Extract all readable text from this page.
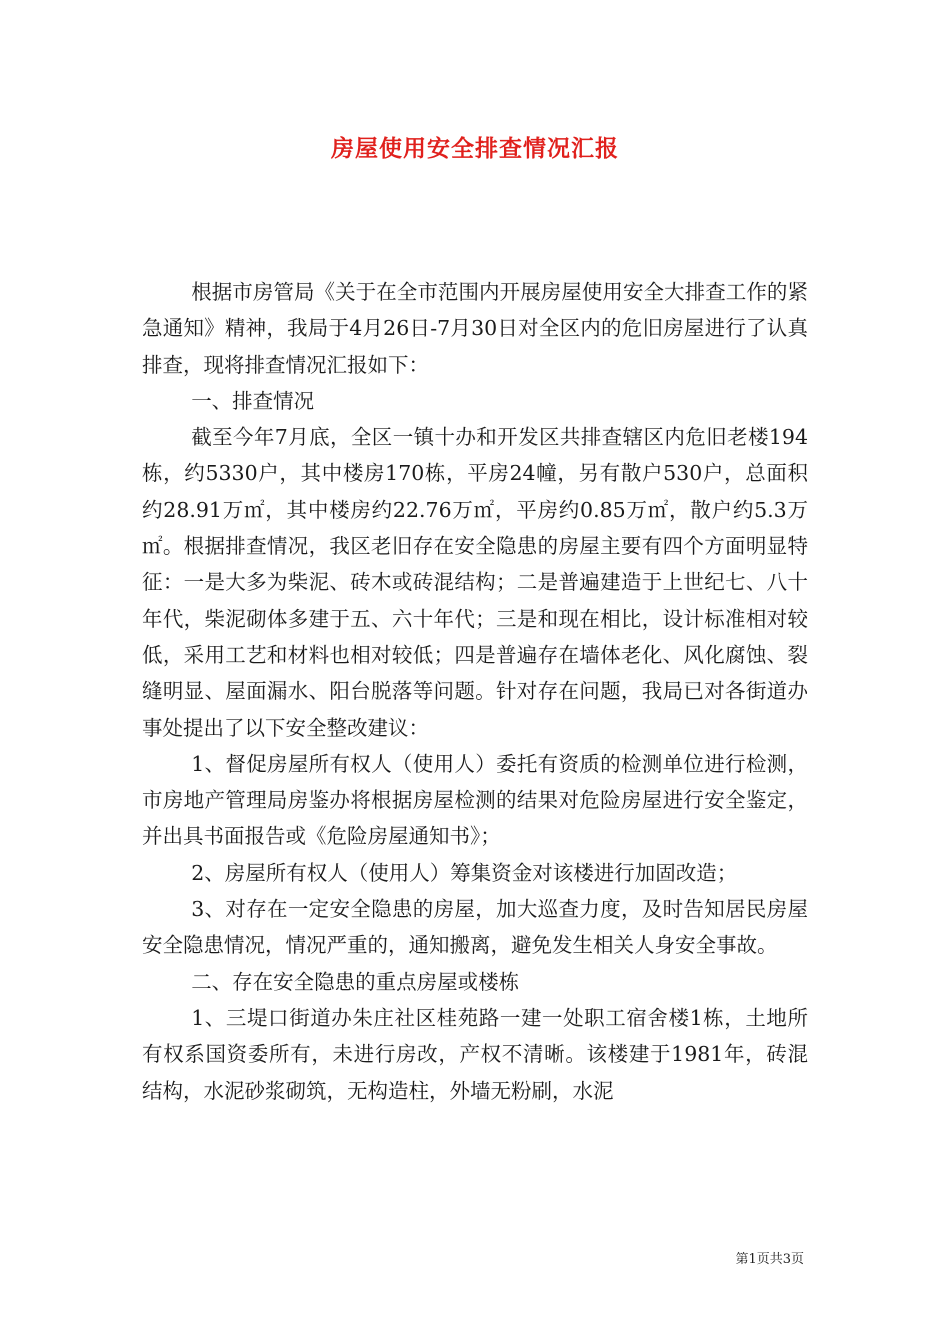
房屋使用安全排查情况汇报

根据市房管局《关于在全市范围内开展房屋使用安全大排查工作的紧急通知》精神，我局于4月26日-7月30日对全区内的危旧房屋进行了认真排查，现将排查情况汇报如下：

一、排查情况

截至今年7月底，全区一镇十办和开发区共排查辖区内危旧老楼194栋，约5330户，其中楼房170栋，平房24幢，另有散户530户，总面积约28.91万㎡，其中楼房约22.76万㎡，平房约0.85万㎡，散户约5.3万㎡。根据排查情况，我区老旧存在安全隐患的房屋主要有四个方面明显特征：一是大多为柴泥、砖木或砖混结构；二是普遍建造于上世纪七、八十年代，柴泥砌体多建于五、六十年代；三是和现在相比，设计标准相对较低，采用工艺和材料也相对较低；四是普遍存在墙体老化、风化腐蚀、裂缝明显、屋面漏水、阳台脱落等问题。针对存在问题，我局已对各街道办事处提出了以下安全整改建议：

1、督促房屋所有权人（使用人）委托有资质的检测单位进行检测，市房地产管理局房鉴办将根据房屋检测的结果对危险房屋进行安全鉴定，并出具书面报告或《危险房屋通知书》；

2、房屋所有权人（使用人）筹集资金对该楼进行加固改造；

3、对存在一定安全隐患的房屋，加大巡查力度，及时告知居民房屋安全隐患情况，情况严重的，通知搬离，避免发生相关人身安全事故。

二、存在安全隐患的重点房屋或楼栋

1、三堤口街道办朱庄社区桂苑路一建一处职工宿舍楼1栋，土地所有权系国资委所有，未进行房改，产权不清晰。该楼建于1981年，砖混结构，水泥砂浆砌筑，无构造柱，外墙无粉刷，水泥

第1页共3页
